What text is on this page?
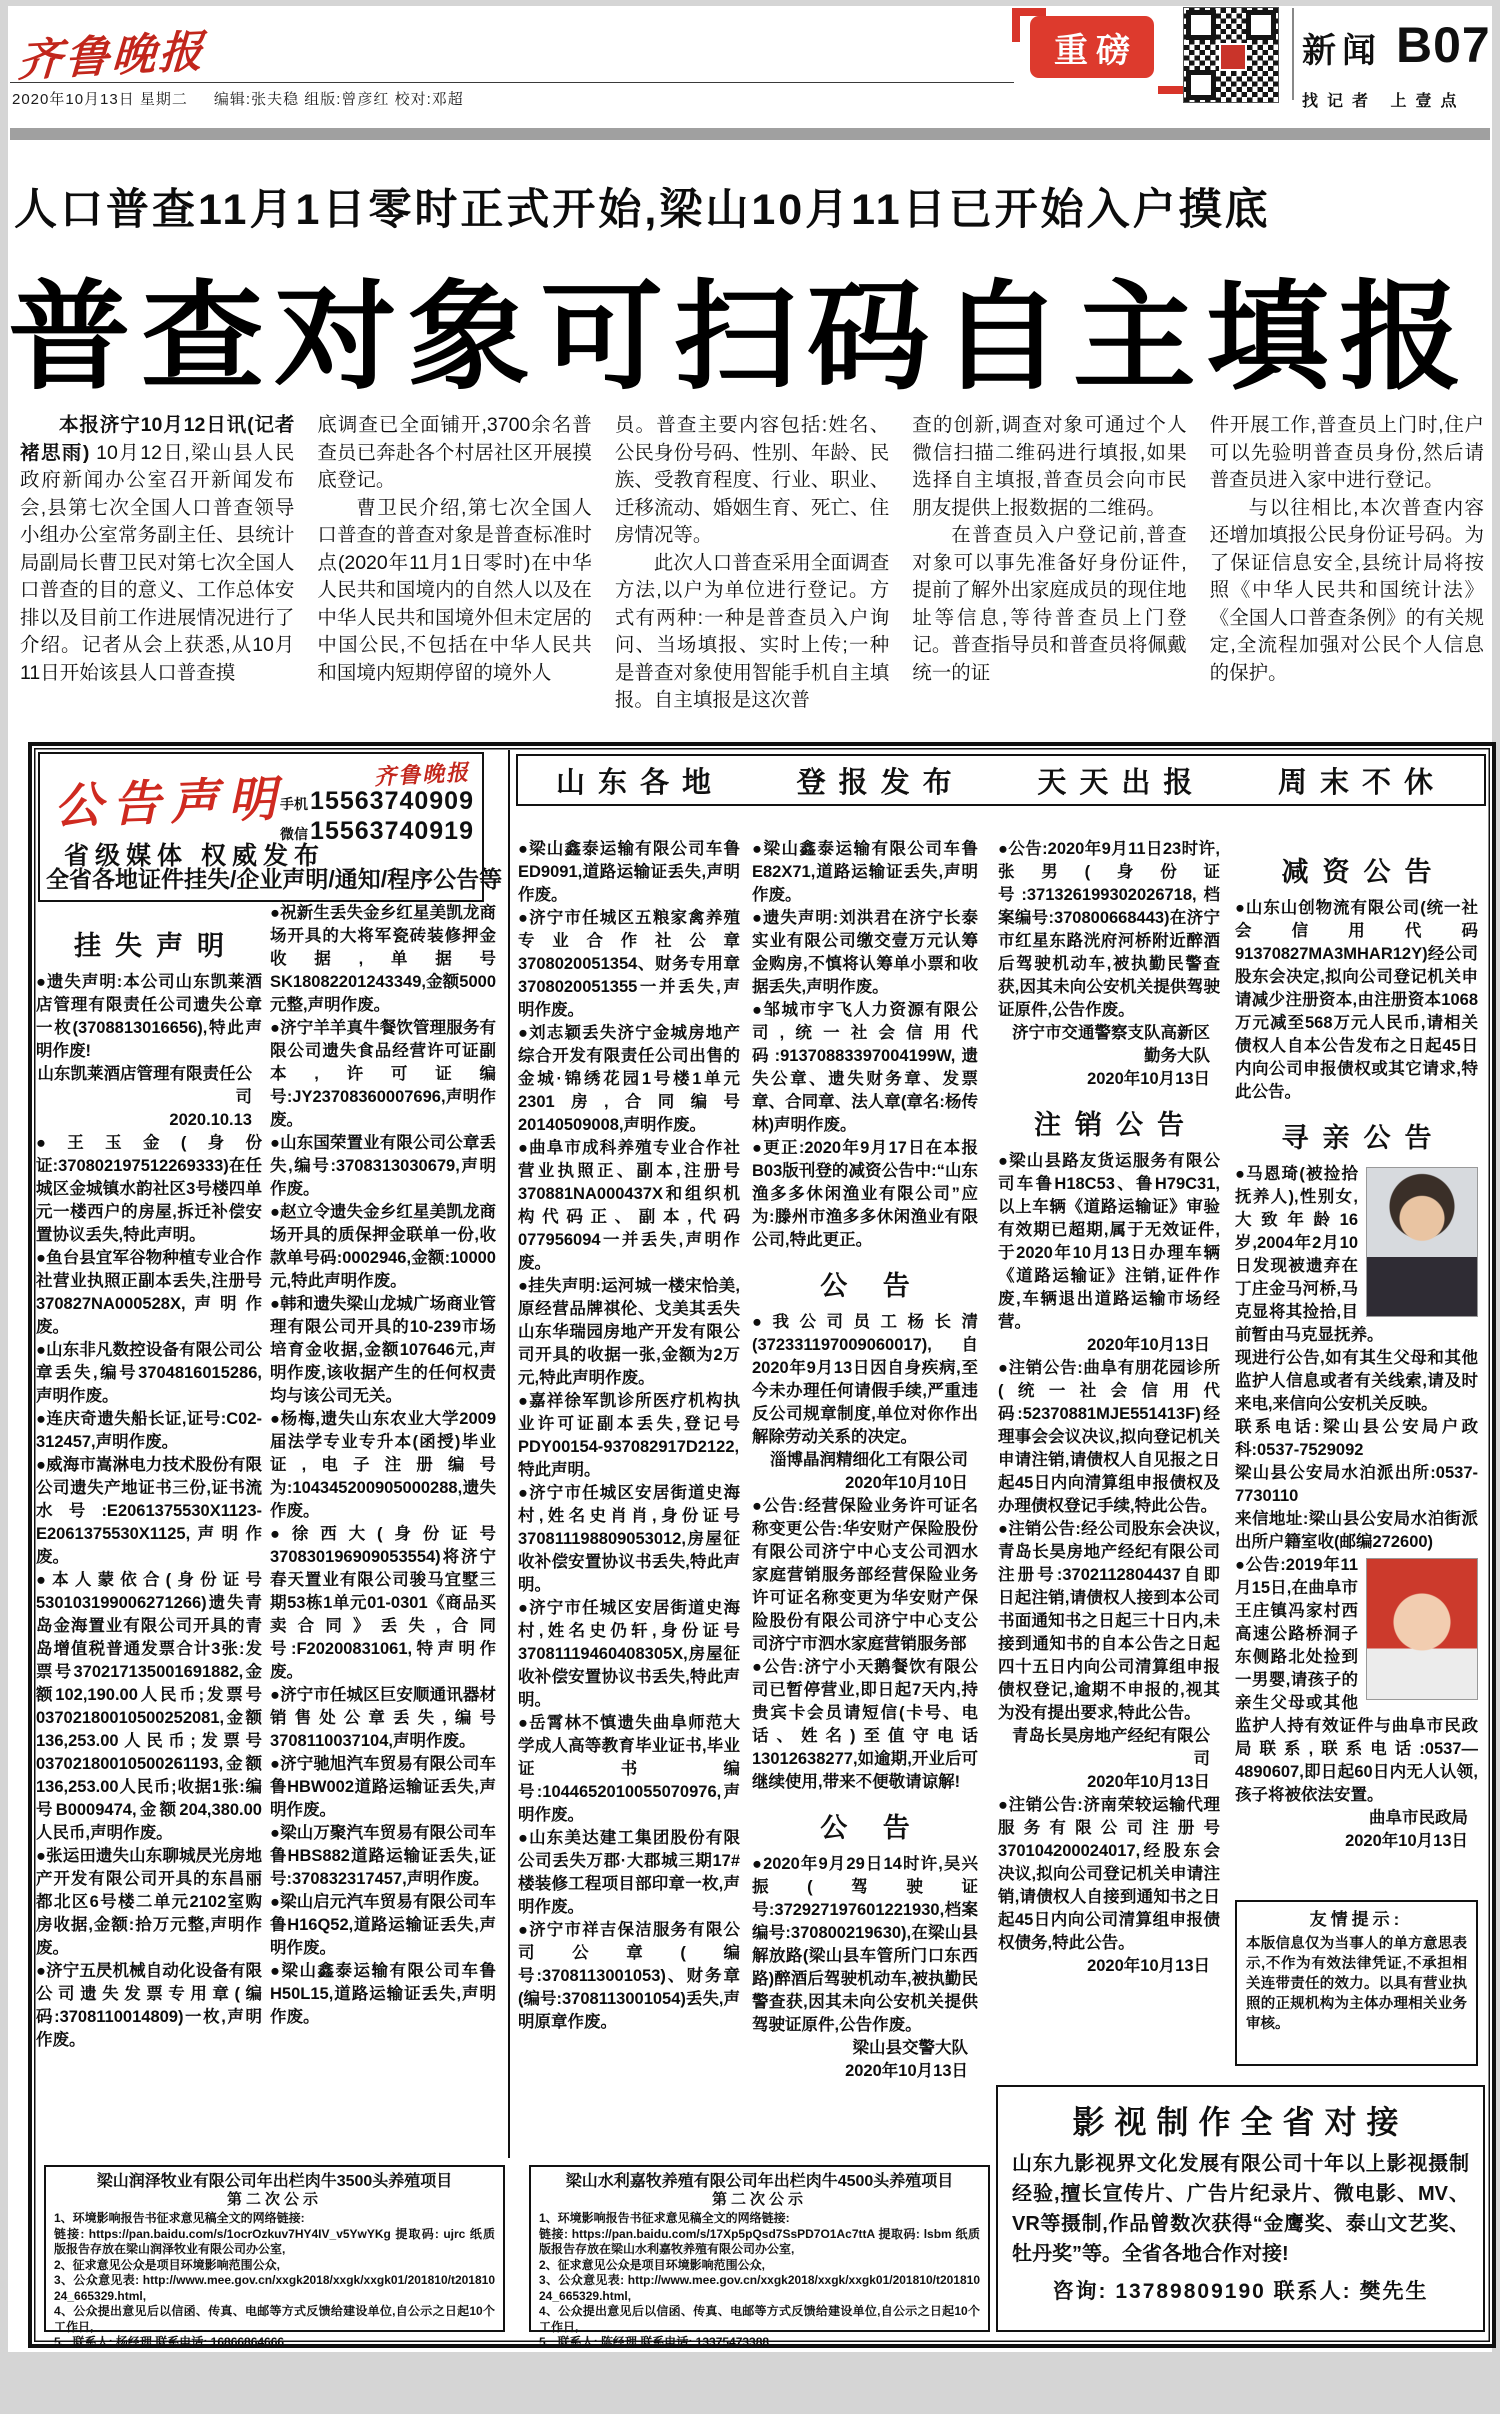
齐鲁晚报
2020年10月13日 星期二 编辑:张夫稳 组版:曾彦红 校对:邓超
重磅	新闻 B07
找记者 上壹点
人口普查11月1日零时正式开始,梁山10月11日已开始入户摸底
普查对象可扫码自主填报
本报济宁10月12日讯(记者 褚思雨) 10月12日,梁山县人民政府新闻办公室召开新闻发布会,县第七次全国人口普查领导小组办公室常务副主任、县统计局副局长曹卫民对第七次全国人口普查的目的意义、工作总体安排以及目前工作进展情况进行了介绍。记者从会上获悉,从10月11日开始该县人口普查摸
底调查已全面铺开,3700余名普查员已奔赴各个村居社区开展摸底登记。
曹卫民介绍,第七次全国人口普查的普查对象是普查标准时点(2020年11月1日零时)在中华人民共和国境内的自然人以及在中华人民共和国境外但未定居的中国公民,不包括在中华人民共和国境内短期停留的境外人
员。普查主要内容包括:姓名、公民身份号码、性别、年龄、民族、受教育程度、行业、职业、迁移流动、婚姻生育、死亡、住房情况等。
此次人口普查采用全面调查方法,以户为单位进行登记。方式有两种:一种是普查员入户询问、当场填报、实时上传;一种是普查对象使用智能手机自主填报。自主填报是这次普
查的创新,调查对象可通过个人微信扫描二维码进行填报,如果选择自主填报,普查员会向市民朋友提供上报数据的二维码。
在普查员入户登记前,普查对象可以事先准备好身份证件,提前了解外出家庭成员的现住地址等信息,等待普查员上门登记。普查指导员和普查员将佩戴统一的证
件开展工作,普查员上门时,住户可以先验明普查员身份,然后请普查员进入家中进行登记。
与以往相比,本次普查内容还增加填报公民身份证号码。为了保证信息安全,县统计局将按照《中华人民共和国统计法》《全国人口普查条例》的有关规定,全流程加强对公民个人信息的保护。
公告声明	齐鲁晚报
手机15563740909
微信15563740919
省级媒体 权威发布
全省各地证件挂失/企业声明/通知/程序公告等
山东各地	登报发布	天天出报	周末不休
挂失声明
●遗失声明:本公司山东凯莱酒店管理有限责任公司遗失公章一枚(3708813016656),特此声明作废!
山东凯莱酒店管理有限责任公司
2020.10.13
●王玉金(身份证:370802197512269333)在任城区金城镇水韵社区3号楼四单元一楼西户的房屋,拆迁补偿安置协议丢失,特此声明。
●鱼台县宜军谷物种植专业合作社营业执照正副本丢失,注册号370827NA000528X,声明作废。
●山东非凡数控设备有限公司公章丢失,编号3704816015286,声明作废。
●连庆奇遗失船长证,证号:C02-312457,声明作废。
●威海市嵩淋电力技术股份有限公司遗失产地证书三份,证书流水号:E2061375530X1123-E2061375530X1125,声明作废。
●本人蒙依合(身份证号530103199006271266)遗失青岛金海置业有限公司开具的青岛增值税普通发票合计3张:发票号370217135001691882,金额102,190.00人民币;发票号03702180010500252081,金额136,253.00人民币;发票号03702180010500261193,金额136,253.00人民币;收据1张:编号B0009474,金额204,380.00人民币,声明作废。
●张运田遗失山东聊城昃光房地产开发有限公司开具的东昌丽都北区6号楼二单元2102室购房收据,金额:拾万元整,声明作废。
●济宁五昃机械自动化设备有限公司遗失发票专用章(编码:3708110014809)一枚,声明作废。
●祝新生丢失金乡红星美凯龙商场开具的大将军瓷砖装修押金收据,单据号SK18082201243349,金额5000元整,声明作废。
●济宁羊羊真牛餐饮管理服务有限公司遗失食品经营许可证副本,许可证编号:JY23708360007696,声明作废。
●山东国荣置业有限公司公章丢失,编号:3708313030679,声明作废。
●赵立令遗失金乡红星美凯龙商场开具的质保押金联单一份,收款单号码:0002946,金额:10000元,特此声明作废。
●韩和遗失梁山龙城广场商业管理有限公司开具的10-239市场培育金收据,金额107646元,声明作废,该收据产生的任何权责均与该公司无关。
●杨梅,遗失山东农业大学2009届法学专业专升本(函授)毕业证,电子注册编号为:104345200905000288,遗失作废。
●徐西大(身份证号370830196909053554)将济宁春天置业有限公司骏马宜墅三期53栋1单元01-0301《商品买卖合同》丢失,合同号:F20200831061,特声明作废。
●济宁市任城区巨安顺通讯器材销售处公章丢失,编号3708110037104,声明作废。
●济宁驰旭汽车贸易有限公司车鲁HBW002道路运输证丢失,声明作废。
●梁山万聚汽车贸易有限公司车鲁HBS882道路运输证丢失,证号:370832317457,声明作废。
●梁山启元汽车贸易有限公司车鲁H16Q52,道路运输证丢失,声明作废。
●梁山鑫泰运输有限公司车鲁H50L15,道路运输证丢失,声明作废。
●梁山鑫泰运输有限公司车鲁ED9091,道路运输证丢失,声明作废。
●济宁市任城区五粮家禽养殖专业合作社公章3708020051354、财务专用章3708020051355一并丢失,声明作废。
●刘志颖丢失济宁金城房地产综合开发有限责任公司出售的金城·锦绣花园1号楼1单元2301房,合同编号20140509008,声明作废。
●曲阜市成科养殖专业合作社营业执照正、副本,注册号370881NA000437X和组织机构代码正、副本,代码077956094一并丢失,声明作废。
●挂失声明:运河城一楼宋恰美,原经营品牌祺伦、戈美其丢失山东华瑞园房地产开发有限公司开具的收据一张,金额为2万元,特此声明作废。
●嘉祥徐军凯诊所医疗机构执业许可证副本丢失,登记号PDY00154-937082917D2122,特此声明。
●济宁市任城区安居街道史海村,姓名史肖肖,身份证号370811198809053012,房屋征收补偿安置协议书丢失,特此声明。
●济宁市任城区安居街道史海村,姓名史仍轩,身份证号37081119460408305X,房屋征收补偿安置协议书丢失,特此声明。
●岳霄林不慎遗失曲阜师范大学成人高等教育毕业证书,毕业证书编号:1044652010055070976,声明作废。
●山东美达建工集团股份有限公司丢失万郡·大郡城三期17#楼装修工程项目部印章一枚,声明作废。
●济宁市祥吉保洁服务有限公司公章(编号:3708113001053)、财务章(编号:3708113001054)丢失,声明原章作废。
●梁山鑫泰运输有限公司车鲁E82X71,道路运输证丢失,声明作废。
●遗失声明:刘洪君在济宁长泰实业有限公司缴交壹万元认筹金购房,不慎将认筹单小票和收据丢失,声明作废。
●邹城市宇飞人力资源有限公司,统一社会信用代码:91370883397004199W,遗失公章、遗失财务章、发票章、合同章、法人章(章名:杨传林)声明作废。
●更正:2020年9月17日在本报B03版刊登的减资公告中:“山东渔多多休闲渔业有限公司”应为:滕州市渔多多休闲渔业有限公司,特此更正。
公 告
●我公司员工杨长清(372331197009060017),自2020年9月13日因自身疾病,至今未办理任何请假手续,严重违反公司规章制度,单位对你作出解除劳动关系的决定。
淄博晶润精细化工有限公司
2020年10月10日
●公告:经营保险业务许可证名称变更公告:华安财产保险股份有限公司济宁中心支公司泗水家庭营销服务部经营保险业务许可证名称变更为华安财产保险股份有限公司济宁中心支公司济宁市泗水家庭营销服务部
●公告:济宁小天鹅餐饮有限公司已暂停营业,即日起7天内,持贵宾卡会员请短信(卡号、电话、姓名)至值守电话13012638277,如逾期,开业后可继续使用,带来不便敬请谅解!
公 告
●2020年9月29日14时许,吴兴振(驾驶证号:372927197601221930,档案编号:370800219630),在梁山县解放路(梁山县车管所门口东西路)醉酒后驾驶机动车,被执勤民警查获,因其未向公安机关提供驾驶证原件,公告作废。
梁山县交警大队
2020年10月13日
●公告:2020年9月11日23时许,张男(身份证号:371326199302026718,档案编号:370800668443)在济宁市红星东路洸府河桥附近醉酒后驾驶机动车,被执勤民警查获,因其未向公安机关提供驾驶证原件,公告作废。
济宁市交通警察支队高新区勤务大队
2020年10月13日
注销公告
●梁山县路友货运服务有限公司车鲁H18C53、鲁H79C31,以上车辆《道路运输证》审验有效期已超期,属于无效证件,于2020年10月13日办理车辆《道路运输证》注销,证件作废,车辆退出道路运输市场经营。
2020年10月13日
●注销公告:曲阜有朋花园诊所(统一社会信用代码:52370881MJE551413F)经理事会会议决议,拟向登记机关申请注销,请债权人自见报之日起45日内向清算组申报债权及办理债权登记手续,特此公告。
●注销公告:经公司股东会决议,青岛长昊房地产经纪有限公司注册号:3702112804437自即日起注销,请债权人接到本公司书面通知书之日起三十日内,未接到通知书的自本公告之日起四十五日内向公司清算组申报债权登记,逾期不申报的,视其为没有提出要求,特此公告。
青岛长昊房地产经纪有限公司
2020年10月13日
●注销公告:济南荣较运输代理服务有限公司注册号370104200024017,经股东会决议,拟向公司登记机关申请注销,请债权人自接到通知书之日起45日内向公司清算组申报债权债务,特此公告。
2020年10月13日
减资公告
●山东山创物流有限公司(统一社会信用代码91370827MA3MHAR12Y)经公司股东会决定,拟向公司登记机关申请减少注册资本,由注册资本1068万元减至568万元人民币,请相关债权人自本公告发布之日起45日内向公司申报债权或其它请求,特此公告。
寻亲公告
●马恩琦(被捡拾抚养人),性别女,大致年龄16岁,2004年2月10日发现被遗弃在丁庄金马河桥,马克显将其捡拾,目前暂由马克显抚养。
现进行公告,如有其生父母和其他监护人信息或者有关线索,请及时来电,来信向公安机关反映。
联系电话:梁山县公安局户政科:0537-7529092
梁山县公安局水泊派出所:0537-7730110
来信地址:梁山县公安局水泊街派出所户籍室收(邮编272600)
●公告:2019年11月15日,在曲阜市王庄镇冯家村西高速公路桥洞子东侧路北处捡到一男婴,请孩子的亲生父母或其他监护人持有效证件与曲阜市民政局联系,联系电话:0537—4890607,即日起60日内无人认领,孩子将被依法安置。
曲阜市民政局
2020年10月13日
友情提示:
本版信息仅为当事人的单方意思表示,不作为有效法律凭证,不承担相关连带责任的效力。以具有营业执照的正规机构为主体办理相关业务审核。
梁山润泽牧业有限公司年出栏肉牛3500头养殖项目
第二次公示
1、环境影响报告书征求意见稿全文的网络链接:
链接: https://pan.baidu.com/s/1ocrOzkuv7HY4IV_v5YwYKg 提取码: ujrc 纸质版报告存放在梁山润泽牧业有限公司办公室,
2、征求意见公众是项目环境影响范围公众,
3、公众意见表: http://www.mee.gov.cn/xxgk2018/xxgk/xxgk01/201810/t20181024_665329.html,
4、公众提出意见后以信函、传真、电邮等方式反馈给建设单位,自公示之日起10个工作日,
5、联系人: 杨经理 联系电话: 16866864666
梁山水利嘉牧养殖有限公司年出栏肉牛4500头养殖项目
第二次公示
1、环境影响报告书征求意见稿全文的网络链接:
链接: https://pan.baidu.com/s/17Xp5pQsd7SsPD7O1Ac7ttA 提取码: lsbm 纸质版报告存放在梁山水利嘉牧养殖有限公司办公室,
2、征求意见公众是项目环境影响范围公众,
3、公众意见表: http://www.mee.gov.cn/xxgk2018/xxgk/xxgk01/201810/t20181024_665329.html,
4、公众提出意见后以信函、传真、电邮等方式反馈给建设单位,自公示之日起10个工作日,
5、联系人: 陈经理 联系电话: 13375473388
影视制作全省对接
山东九影视界文化发展有限公司十年以上影视摄制经验,擅长宣传片、广告片纪录片、微电影、MV、VR等摄制,作品曾数次获得“金鹰奖、泰山文艺奖、牡丹奖”等。全省各地合作对接!
咨询: 13789809190 联系人: 樊先生
